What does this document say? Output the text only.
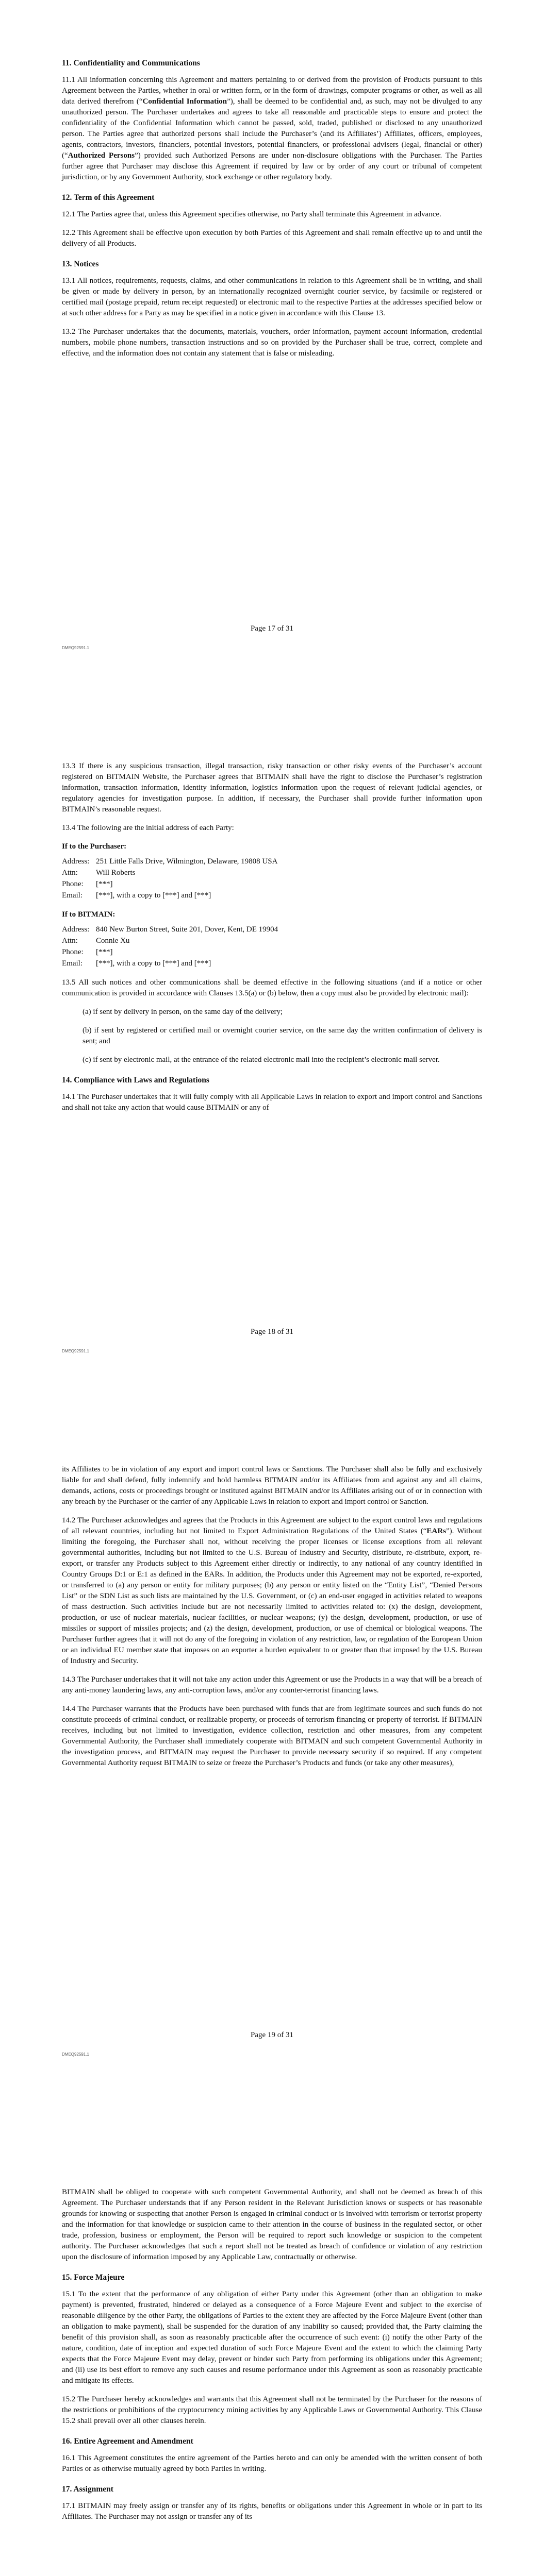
11. Confidentiality and Communications

11.1 All information concerning this Agreement and matters pertaining to or derived from the provision of Products pursuant to this Agreement between the Parties, whether in oral or written form, or in the form of drawings, computer programs or other, as well as all data derived therefrom (“Confidential Information”), shall be deemed to be confidential and, as such, may not be divulged to any unauthorized person. The Purchaser undertakes and agrees to take all reasonable and practicable steps to ensure and protect the confidentiality of the Confidential Information which cannot be passed, sold, traded, published or disclosed to any unauthorized person. The Parties agree that authorized persons shall include the Purchaser’s (and its Affiliates’) Affiliates, officers, employees, agents, contractors, investors, financiers, potential investors, potential financiers, or professional advisers (legal, financial or other) (“Authorized Persons”) provided such Authorized Persons are under non-disclosure obligations with the Purchaser. The Parties further agree that Purchaser may disclose this Agreement if required by law or by order of any court or tribunal of competent jurisdiction, or by any Government Authority, stock exchange or other regulatory body.

12. Term of this Agreement

12.1 The Parties agree that, unless this Agreement specifies otherwise, no Party shall terminate this Agreement in advance.

12.2 This Agreement shall be effective upon execution by both Parties of this Agreement and shall remain effective up to and until the delivery of all Products.

13. Notices

13.1 All notices, requirements, requests, claims, and other communications in relation to this Agreement shall be in writing, and shall be given or made by delivery in person, by an internationally recognized overnight courier service, by facsimile or registered or certified mail (postage prepaid, return receipt requested) or electronic mail to the respective Parties at the addresses specified below or at such other address for a Party as may be specified in a notice given in accordance with this Clause 13.

13.2 The Purchaser undertakes that the documents, materials, vouchers, order information, payment account information, credential numbers, mobile phone numbers, transaction instructions and so on provided by the Purchaser shall be true, correct, complete and effective, and the information does not contain any statement that is false or misleading.

Page 17 of 31
DMEQ92591.1

13.3 If there is any suspicious transaction, illegal transaction, risky transaction or other risky events of the Purchaser’s account registered on BITMAIN Website, the Purchaser agrees that BITMAIN shall have the right to disclose the Purchaser’s registration information, transaction information, identity information, logistics information upon the request of relevant judicial agencies, or regulatory agencies for investigation purpose. In addition, if necessary, the Purchaser shall provide further information upon BITMAIN’s reasonable request.

13.4 The following are the initial address of each Party:

If to the Purchaser:
Address:	251 Little Falls Drive, Wilmington, Delaware, 19808 USA
Attn:	Will Roberts
Phone:	[***]
Email:	[***], with a copy to [***] and [***]
If to BITMAIN:
Address:	840 New Burton Street, Suite 201, Dover, Kent, DE 19904
Attn:	Connie Xu
Phone:	[***]
Email:	[***], with a copy to [***] and [***]

13.5 All such notices and other communications shall be deemed effective in the following situations (and if a notice or other communication is provided in accordance with Clauses 13.5(a) or (b) below, then a copy must also be provided by electronic mail):

(a) if sent by delivery in person, on the same day of the delivery;

(b) if sent by registered or certified mail or overnight courier service, on the same day the written confirmation of delivery is sent; and

(c) if sent by electronic mail, at the entrance of the related electronic mail into the recipient’s electronic mail server.

14. Compliance with Laws and Regulations

14.1 The Purchaser undertakes that it will fully comply with all Applicable Laws in relation to export and import control and Sanctions and shall not take any action that would cause BITMAIN or any of

Page 18 of 31
DMEQ92591.1

its Affiliates to be in violation of any export and import control laws or Sanctions. The Purchaser shall also be fully and exclusively liable for and shall defend, fully indemnify and hold harmless BITMAIN and/or its Affiliates from and against any and all claims, demands, actions, costs or proceedings brought or instituted against BITMAIN and/or its Affiliates arising out of or in connection with any breach by the Purchaser or the carrier of any Applicable Laws in relation to export and import control or Sanction.

14.2 The Purchaser acknowledges and agrees that the Products in this Agreement are subject to the export control laws and regulations of all relevant countries, including but not limited to Export Administration Regulations of the United States (“EARs”). Without limiting the foregoing, the Purchaser shall not, without receiving the proper licenses or license exceptions from all relevant governmental authorities, including but not limited to the U.S. Bureau of Industry and Security, distribute, re-distribute, export, re-export, or transfer any Products subject to this Agreement either directly or indirectly, to any national of any country identified in Country Groups D:1 or E:1 as defined in the EARs. In addition, the Products under this Agreement may not be exported, re-exported, or transferred to (a) any person or entity for military purposes; (b) any person or entity listed on the “Entity List”, “Denied Persons List” or the SDN List as such lists are maintained by the U.S. Government, or (c) an end-user engaged in activities related to weapons of mass destruction. Such activities include but are not necessarily limited to activities related to: (x) the design, development, production, or use of nuclear materials, nuclear facilities, or nuclear weapons; (y) the design, development, production, or use of missiles or support of missiles projects; and (z) the design, development, production, or use of chemical or biological weapons. The Purchaser further agrees that it will not do any of the foregoing in violation of any restriction, law, or regulation of the European Union or an individual EU member state that imposes on an exporter a burden equivalent to or greater than that imposed by the U.S. Bureau of Industry and Security.

14.3 The Purchaser undertakes that it will not take any action under this Agreement or use the Products in a way that will be a breach of any anti-money laundering laws, any anti-corruption laws, and/or any counter-terrorist financing laws.

14.4 The Purchaser warrants that the Products have been purchased with funds that are from legitimate sources and such funds do not constitute proceeds of criminal conduct, or realizable property, or proceeds of terrorism financing or property of terrorist. If BITMAIN receives, including but not limited to investigation, evidence collection, restriction and other measures, from any competent Governmental Authority, the Purchaser shall immediately cooperate with BITMAIN and such competent Governmental Authority in the investigation process, and BITMAIN may request the Purchaser to provide necessary security if so required. If any competent Governmental Authority request BITMAIN to seize or freeze the Purchaser’s Products and funds (or take any other measures),

Page 19 of 31
DMEQ92591.1

BITMAIN shall be obliged to cooperate with such competent Governmental Authority, and shall not be deemed as breach of this Agreement. The Purchaser understands that if any Person resident in the Relevant Jurisdiction knows or suspects or has reasonable grounds for knowing or suspecting that another Person is engaged in criminal conduct or is involved with terrorism or terrorist property and the information for that knowledge or suspicion came to their attention in the course of business in the regulated sector, or other trade, profession, business or employment, the Person will be required to report such knowledge or suspicion to the competent authority. The Purchaser acknowledges that such a report shall not be treated as breach of confidence or violation of any restriction upon the disclosure of information imposed by any Applicable Law, contractually or otherwise.

15. Force Majeure

15.1 To the extent that the performance of any obligation of either Party under this Agreement (other than an obligation to make payment) is prevented, frustrated, hindered or delayed as a consequence of a Force Majeure Event and subject to the exercise of reasonable diligence by the other Party, the obligations of Parties to the extent they are affected by the Force Majeure Event (other than an obligation to make payment), shall be suspended for the duration of any inability so caused; provided that, the Party claiming the benefit of this provision shall, as soon as reasonably practicable after the occurrence of such event: (i) notify the other Party of the nature, condition, date of inception and expected duration of such Force Majeure Event and the extent to which the claiming Party expects that the Force Majeure Event may delay, prevent or hinder such Party from performing its obligations under this Agreement; and (ii) use its best effort to remove any such causes and resume performance under this Agreement as soon as reasonably practicable and mitigate its effects.

15.2 The Purchaser hereby acknowledges and warrants that this Agreement shall not be terminated by the Purchaser for the reasons of the restrictions or prohibitions of the cryptocurrency mining activities by any Applicable Laws or Governmental Authority. This Clause 15.2 shall prevail over all other clauses herein.

16. Entire Agreement and Amendment

16.1 This Agreement constitutes the entire agreement of the Parties hereto and can only be amended with the written consent of both Parties or as otherwise mutually agreed by both Parties in writing.

17. Assignment

17.1 BITMAIN may freely assign or transfer any of its rights, benefits or obligations under this Agreement in whole or in part to its Affiliates. The Purchaser may not assign or transfer any of its
